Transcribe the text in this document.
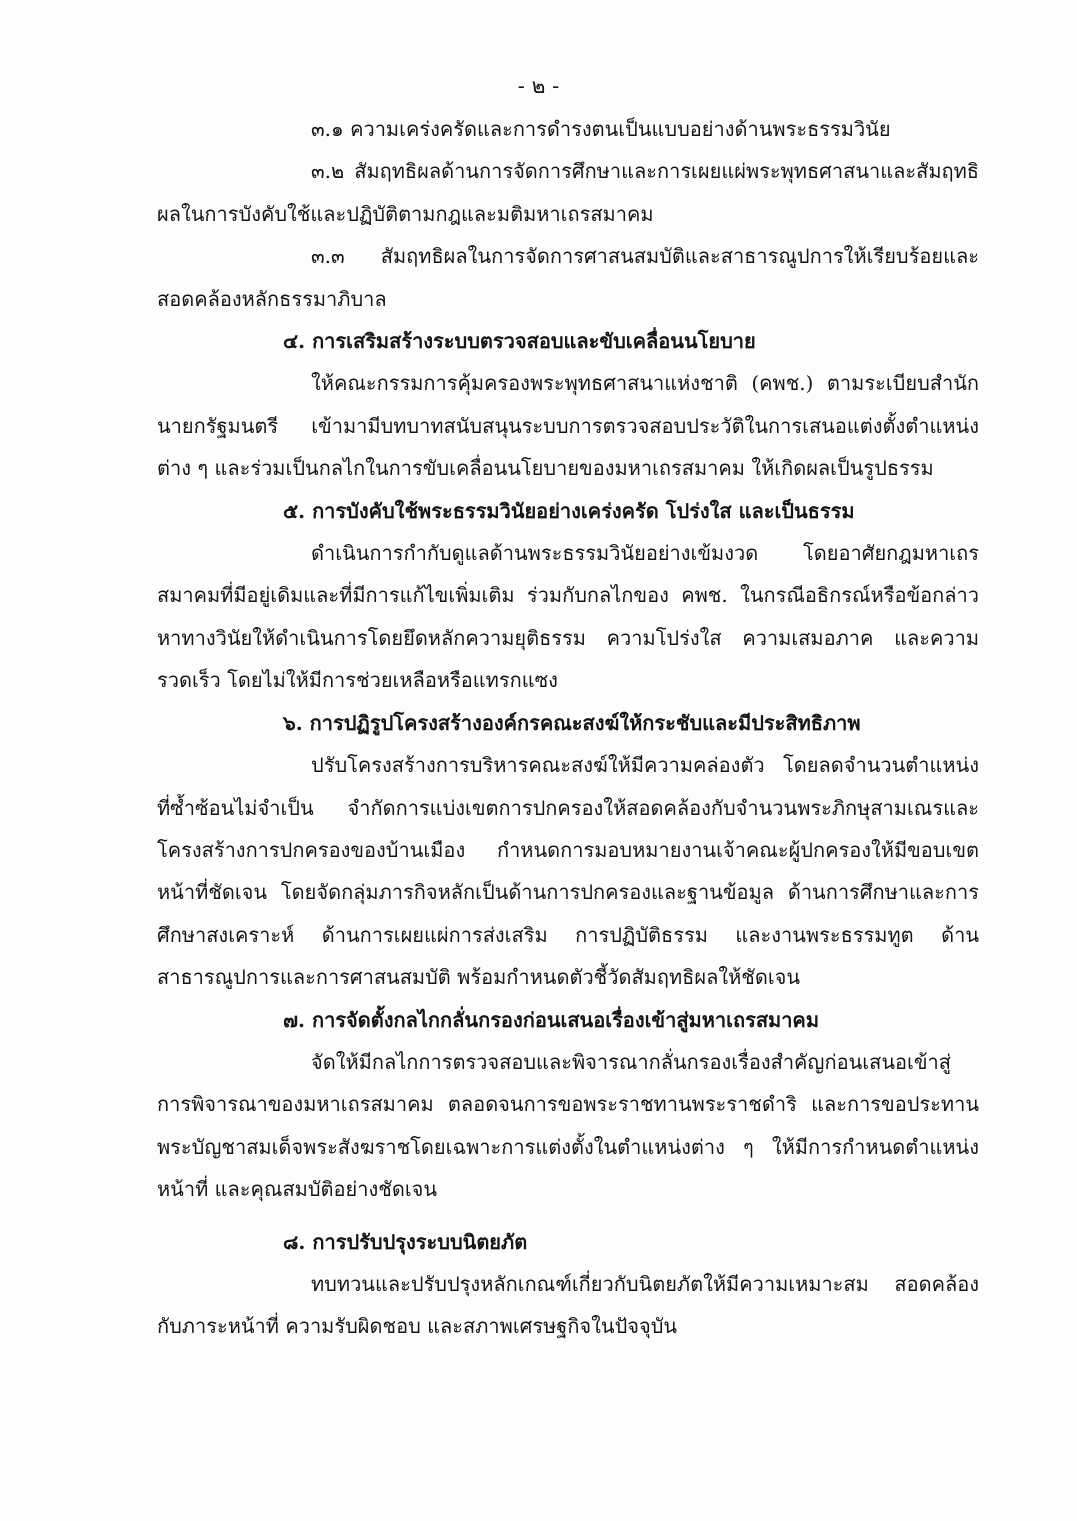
- ๒ -

๓.๑ ความเคร่งครัดและการดำรงตนเป็นแบบอย่างด้านพระธรรมวินัย

๓.๒ สัมฤทธิผลด้านการจัดการศึกษาและการเผยแผ่พระพุทธศาสนาและสัมฤทธิผลในการบังคับใช้และปฏิบัติตามกฎและมติมหาเถรสมาคม

๓.๓ สัมฤทธิผลในการจัดการศาสนสมบัติและสาธารณูปการให้เรียบร้อยและสอดคล้องหลักธรรมาภิบาล

๔. การเสริมสร้างระบบตรวจสอบและขับเคลื่อนนโยบาย

ให้คณะกรรมการคุ้มครองพระพุทธศาสนาแห่งชาติ (คพช.) ตามระเบียบสำนักนายกรัฐมนตรี เข้ามามีบทบาทสนับสนุนระบบการตรวจสอบประวัติในการเสนอแต่งตั้งตำแหน่งต่าง ๆ และร่วมเป็นกลไกในการขับเคลื่อนนโยบายของมหาเถรสมาคม ให้เกิดผลเป็นรูปธรรม

๕. การบังคับใช้พระธรรมวินัยอย่างเคร่งครัด โปร่งใส และเป็นธรรม

ดำเนินการกำกับดูแลด้านพระธรรมวินัยอย่างเข้มงวด โดยอาศัยกฎมหาเถรสมาคมที่มีอยู่เดิมและที่มีการแก้ไขเพิ่มเติม ร่วมกับกลไกของ คพช. ในกรณีอธิกรณ์หรือข้อกล่าวหาทางวินัยให้ดำเนินการโดยยึดหลักความยุติธรรม ความโปร่งใส ความเสมอภาค และความรวดเร็ว โดยไม่ให้มีการช่วยเหลือหรือแทรกแซง

๖. การปฏิรูปโครงสร้างองค์กรคณะสงฆ์ให้กระชับและมีประสิทธิภาพ

ปรับโครงสร้างการบริหารคณะสงฆ์ให้มีความคล่องตัว โดยลดจำนวนตำแหน่งที่ซ้ำซ้อนไม่จำเป็น จำกัดการแบ่งเขตการปกครองให้สอดคล้องกับจำนวนพระภิกษุสามเณรและโครงสร้างการปกครองของบ้านเมือง กำหนดการมอบหมายงานเจ้าคณะผู้ปกครองให้มีขอบเขตหน้าที่ชัดเจน โดยจัดกลุ่มภารกิจหลักเป็นด้านการปกครองและฐานข้อมูล ด้านการศึกษาและการศึกษาสงเคราะห์ ด้านการเผยแผ่การส่งเสริม การปฏิบัติธรรม และงานพระธรรมทูต ด้านสาธารณูปการและการศาสนสมบัติ พร้อมกำหนดตัวชี้วัดสัมฤทธิผลให้ชัดเจน

๗. การจัดตั้งกลไกกลั่นกรองก่อนเสนอเรื่องเข้าสู่มหาเถรสมาคม

จัดให้มีกลไกการตรวจสอบและพิจารณากลั่นกรองเรื่องสำคัญก่อนเสนอเข้าสู่การพิจารณาของมหาเถรสมาคม ตลอดจนการขอพระราชทานพระราชดำริ และการขอประทานพระบัญชาสมเด็จพระสังฆราชโดยเฉพาะการแต่งตั้งในตำแหน่งต่าง ๆ ให้มีการกำหนดตำแหน่ง หน้าที่ และคุณสมบัติอย่างชัดเจน

๘. การปรับปรุงระบบนิตยภัต

ทบทวนและปรับปรุงหลักเกณฑ์เกี่ยวกับนิตยภัตให้มีความเหมาะสม สอดคล้องกับภาระหน้าที่ ความรับผิดชอบ และสภาพเศรษฐกิจในปัจจุบัน
